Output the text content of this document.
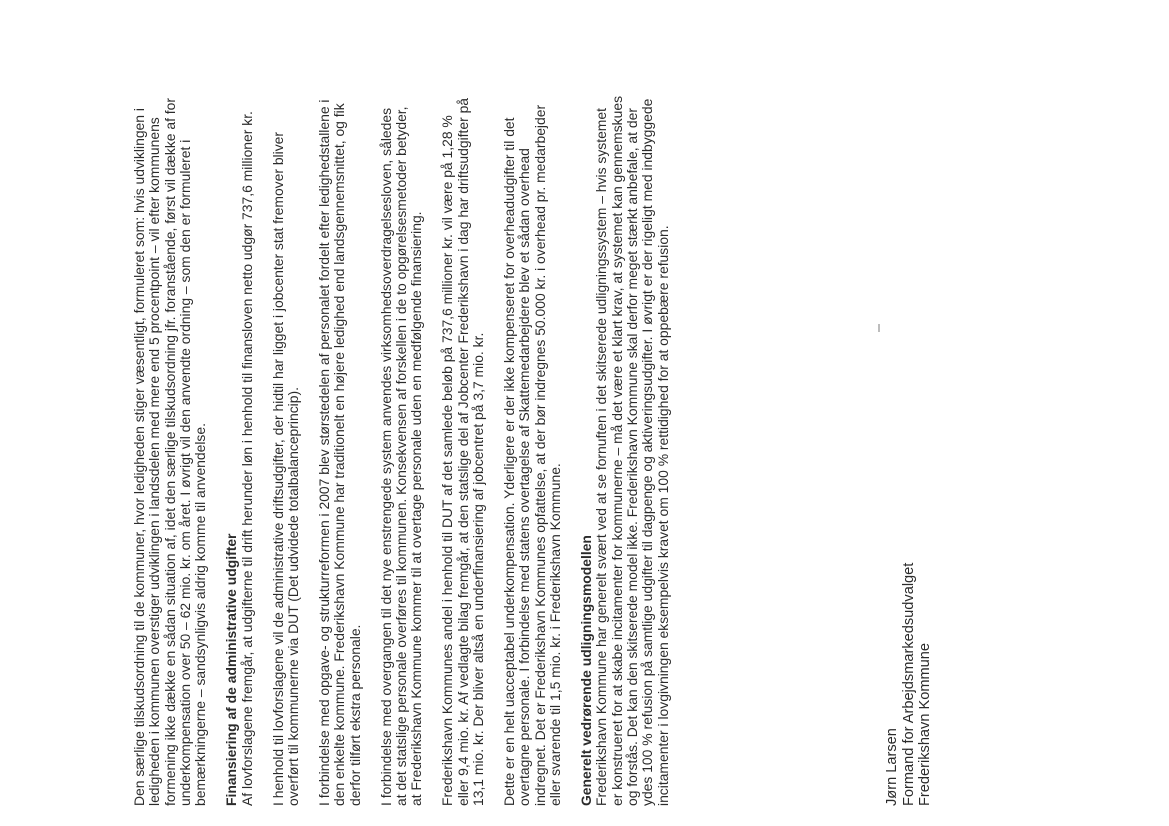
Den særlige tilskudsordning til de kommuner, hvor ledigheden stiger væsentligt, formuleret som: hvis udviklingen i ledigheden i kommunen overstiger udviklingen i landsdelen med mere end 5 procentpoint – vil efter kommunens formening ikke dække en sådan situation af, idet den særlige tilskudsordning jfr. foranstående, først vil dække af for underkompensation over 50 – 62 mio. kr. om året. I øvrigt vil den anvendte ordning – som den er formuleret i bemærkningerne – sandsynligvis aldrig komme til anvendelse. Finansiering af de administrative udgifter Af lovforslagene fremgår, at udgifterne til drift herunder løn i henhold til finansloven netto udgør 737,6 millioner kr. I henhold til lovforslagene vil de administrative driftsudgifter, der hidtil har ligget i jobcenter stat fremover bliver overført til kommunerne via DUT (Det udvidede totalbalanceprincip). I forbindelse med opgave- og strukturreformen i 2007 blev størstedelen af personalet fordelt efter ledighedstallene i den enkelte kommune. Frederikshavn Kommune har traditionelt en højere ledighed end landsgennemsnittet, og fik derfor tilført ekstra personale. I forbindelse med overgangen til det nye enstrengede system anvendes virksomhedsoverdragelsesloven, således at det statslige personale overføres til kommunen. Konsekvensen af forskellen i de to opgørelsesmetoder betyder, at Frederikshavn Kommune kommer til at overtage personale uden en medfølgende finansiering. Frederikshavn Kommunes andel i henhold til DUT af det samlede beløb på 737,6 millioner kr. vil være på 1,28 % eller 9,4 mio. kr. Af vedlagte bilag fremgår, at den statslige del af Jobcenter Frederikshavn i dag har driftsudgifter på 13,1 mio. kr. Der bliver altså en underfinansiering af jobcentret på 3,7 mio. kr. Dette er en helt uacceptabel underkompensation. Yderligere er der ikke kompenseret for overheadudgifter til det overtagne personale. I forbindelse med statens overtagelse af Skattemedarbejdere blev et sådan overhead indregnet. Det er Frederikshavn Kommunes opfattelse, at der bør indregnes 50.000 kr. i overhead pr. medarbejder eller svarende til 1,5 mio. kr. i Frederikshavn Kommune. Generelt vedrørende udligningsmodellen Frederikshavn Kommune har generelt svært ved at se fornuften i det skitserede udligningssystem – hvis systemet er konstrueret for at skabe incitamenter for kommunerne – må det være et klart krav, at systemet kan gennemskues og forstås. Det kan den skitserede model ikke. Frederikshavn Kommune skal derfor meget stærkt anbefale, at der ydes 100 % refusion på samtlige udgifter til dagpenge og aktiveringsudgifter. I øvrigt er der rigeligt med indbyggede incitamenter i lovgivningen eksempelvis kravet om 100 % rettidighed for at oppebære refusion.	Jørn Larsen Formand for Arbejdsmarkedsudvalget Frederikshavn Kommune
